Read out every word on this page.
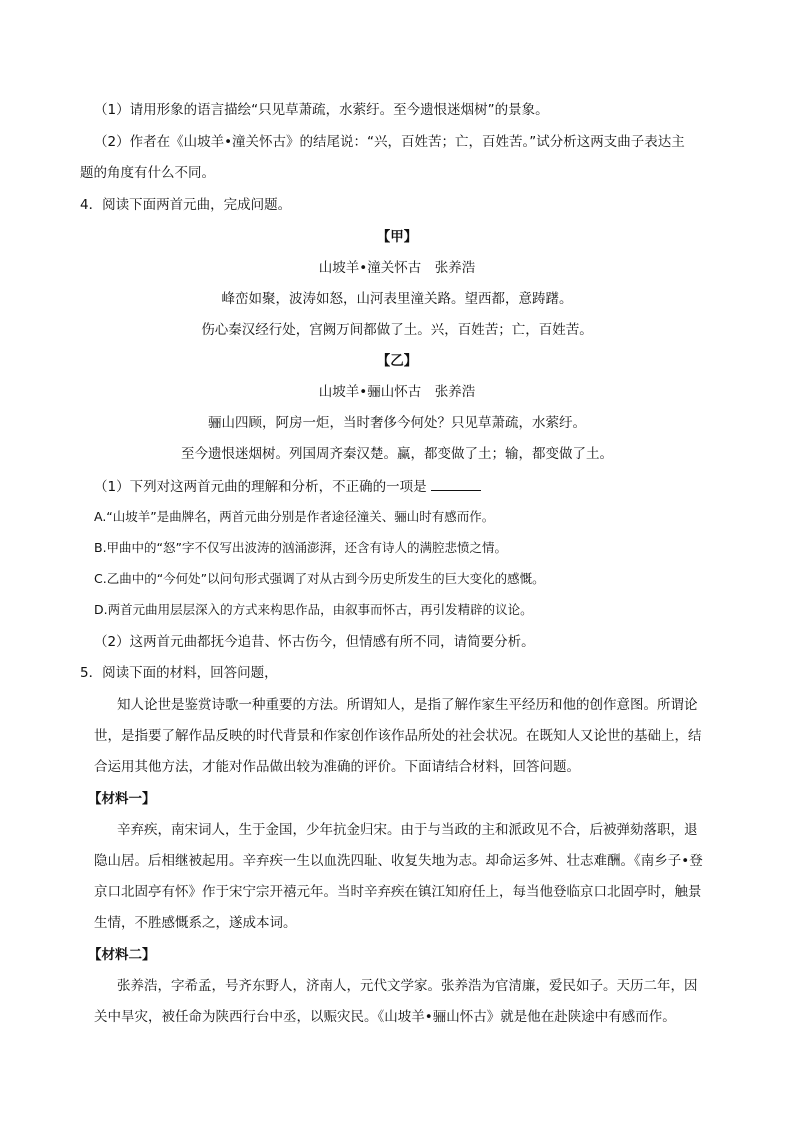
（1）请用形象的语言描绘“只见草萧疏，水萦纡。至今遗恨迷烟树”的景象。
（2）作者在《山坡羊•潼关怀古》的结尾说：“兴，百姓苦；亡，百姓苦。”试分析这两支曲子表达主
题的角度有什么不同。
4．阅读下面两首元曲，完成问题。
【甲】
山坡羊•潼关怀古　张养浩
峰峦如聚，波涛如怒，山河表里潼关路。望西都，意踌躇。
伤心秦汉经行处，宫阙万间都做了土。兴，百姓苦；亡，百姓苦。
【乙】
山坡羊•骊山怀古　张养浩
骊山四顾，阿房一炬，当时奢侈今何处？只见草萧疏，水萦纡。
至今遗恨迷烟树。列国周齐秦汉楚。赢，都变做了土；输，都变做了土。
（1）下列对这两首元曲的理解和分析，不正确的一项是
A.“山坡羊”是曲牌名，两首元曲分别是作者途径潼关、骊山时有感而作。
B.甲曲中的“怒”字不仅写出波涛的汹涌澎湃，还含有诗人的满腔悲愤之情。
C.乙曲中的“今何处”以问句形式强调了对从古到今历史所发生的巨大变化的感慨。
D.两首元曲用层层深入的方式来构思作品，由叙事而怀古，再引发精辟的议论。
（2）这两首元曲都抚今追昔、怀古伤今，但情感有所不同，请简要分析。
5．阅读下面的材料，回答问题，
知人论世是鉴赏诗歌一种重要的方法。所谓知人，是指了解作家生平经历和他的创作意图。所谓论
世，是指要了解作品反映的时代背景和作家创作该作品所处的社会状况。在既知人又论世的基础上，结
合运用其他方法，才能对作品做出较为准确的评价。下面请结合材料，回答问题。
【材料一】
辛弃疾，南宋词人，生于金国，少年抗金归宋。由于与当政的主和派政见不合，后被弹劾落职，退
隐山居。后相继被起用。辛弃疾一生以血洗四耻、收复失地为志。却命运多舛、壮志难酬。《南乡子•登
京口北固亭有怀》作于宋宁宗开禧元年。当时辛弃疾在镇江知府任上，每当他登临京口北固亭时，触景
生情，不胜感慨系之，遂成本词。
【材料二】
张养浩，字希孟，号齐东野人，济南人，元代文学家。张养浩为官清廉，爱民如子。天历二年，因
关中旱灾，被任命为陕西行台中丞，以赈灾民。《山坡羊•骊山怀古》就是他在赴陕途中有感而作。
